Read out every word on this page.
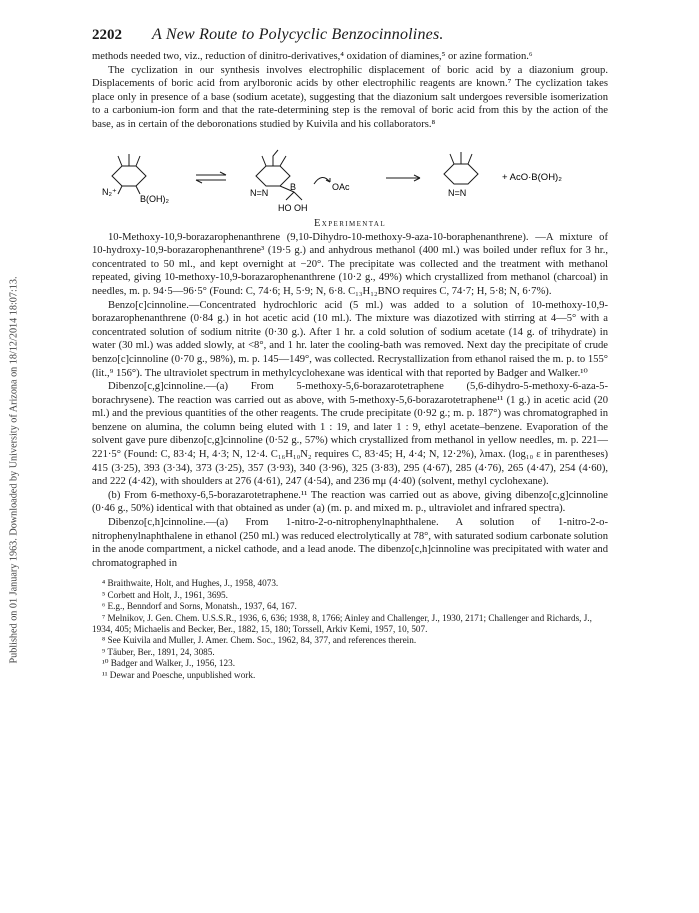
Published on 01 January 1963. Downloaded by University of Arizona on 18/12/2014 18:07:13.
2202 A New Route to Polycyclic Benzocinnolines.

methods needed two, viz., reduction of dinitro-derivatives,⁴ oxidation of diamines,⁵ or azine formation.⁶

The cyclization in our synthesis involves electrophilic displacement of boric acid by a diazonium group. Displacements of boric acid from arylboronic acids by other electrophilic reagents are known.⁷ The cyclization takes place only in presence of a base (sodium acetate), suggesting that the diazonium salt undergoes reversible isomerization to a carbonium-ion form and that the rate-determining step is the removal of boric acid from this by the action of the base, as in certain of the deboronations studied by Kuivila and his collaborators.⁸

N₂⁺
B(OH)₂
N=N
B
HO OH
OAc
N=N
+ AcO·B(OH)₂
Experimental

10-Methoxy-10,9-borazarophenanthrene (9,10-Dihydro-10-methoxy-9-aza-10-boraphenanthrene). —A mixture of 10-hydroxy-10,9-borazarophenanthrene³ (19·5 g.) and anhydrous methanol (400 ml.) was boiled under reflux for 3 hr., concentrated to 50 ml., and kept overnight at −20°. The precipitate was collected and the treatment with methanol repeated, giving 10-methoxy-10,9-borazarophenanthrene (10·2 g., 49%) which crystallized from methanol (charcoal) in needles, m. p. 94·5—96·5° (Found: C, 74·6; H, 5·9; N, 6·8. C₁₃H₁₂BNO requires C, 74·7; H, 5·8; N, 6·7%).

Benzo[c]cinnoline.—Concentrated hydrochloric acid (5 ml.) was added to a solution of 10-methoxy-10,9-borazarophenanthrene (0·84 g.) in hot acetic acid (10 ml.). The mixture was diazotized with stirring at 4—5° with a concentrated solution of sodium nitrite (0·30 g.). After 1 hr. a cold solution of sodium acetate (14 g. of trihydrate) in water (30 ml.) was added slowly, at <8°, and 1 hr. later the cooling-bath was removed. Next day the precipitate of crude benzo[c]cinnoline (0·70 g., 98%), m. p. 145—149°, was collected. Recrystallization from ethanol raised the m. p. to 155° (lit.,⁹ 156°). The ultraviolet spectrum in methylcyclohexane was identical with that reported by Badger and Walker.¹⁰

Dibenzo[c,g]cinnoline.—(a) From 5-methoxy-5,6-borazarotetraphene (5,6-dihydro-5-methoxy-6-aza-5-borachrysene). The reaction was carried out as above, with 5-methoxy-5,6-borazarotetraphene¹¹ (1 g.) in acetic acid (20 ml.) and the previous quantities of the other reagents. The crude precipitate (0·92 g.; m. p. 187°) was chromatographed in benzene on alumina, the column being eluted with 1 : 19, and later 1 : 9, ethyl acetate–benzene. Evaporation of the solvent gave pure dibenzo[c,g]cinnoline (0·52 g., 57%) which crystallized from methanol in yellow needles, m. p. 221—221·5° (Found: C, 83·4; H, 4·3; N, 12·4. C₁₆H₁₀N₂ requires C, 83·45; H, 4·4; N, 12·2%), λmax. (log₁₀ ε in parentheses) 415 (3·25), 393 (3·34), 373 (3·25), 357 (3·93), 340 (3·96), 325 (3·83), 295 (4·67), 285 (4·76), 265 (4·47), 254 (4·60), and 222 (4·42), with shoulders at 276 (4·61), 247 (4·54), and 236 mμ (4·40) (solvent, methyl cyclohexane).

(b) From 6-methoxy-6,5-borazarotetraphene.¹¹ The reaction was carried out as above, giving dibenzo[c,g]cinnoline (0·46 g., 50%) identical with that obtained as under (a) (m. p. and mixed m. p., ultraviolet and infrared spectra).

Dibenzo[c,h]cinnoline.—(a) From 1-nitro-2-o-nitrophenylnaphthalene. A solution of 1-nitro-2-o-nitrophenylnaphthalene in ethanol (250 ml.) was reduced electrolytically at 78°, with saturated sodium carbonate solution in the anode compartment, a nickel cathode, and a lead anode. The dibenzo[c,h]cinnoline was precipitated with water and chromatographed in

⁴ Braithwaite, Holt, and Hughes, J., 1958, 4073.
⁵ Corbett and Holt, J., 1961, 3695.
⁶ E.g., Benndorf and Sorns, Monatsh., 1937, 64, 167.
⁷ Melnikov, J. Gen. Chem. U.S.S.R., 1936, 6, 636; 1938, 8, 1766; Ainley and Challenger, J., 1930, 2171; Challenger and Richards, J., 1934, 405; Michaelis and Becker, Ber., 1882, 15, 180; Torssell, Arkiv Kemi, 1957, 10, 507.
⁸ See Kuivila and Muller, J. Amer. Chem. Soc., 1962, 84, 377, and references therein.
⁹ Täuber, Ber., 1891, 24, 3085.
¹⁰ Badger and Walker, J., 1956, 123.
¹¹ Dewar and Poesche, unpublished work.
